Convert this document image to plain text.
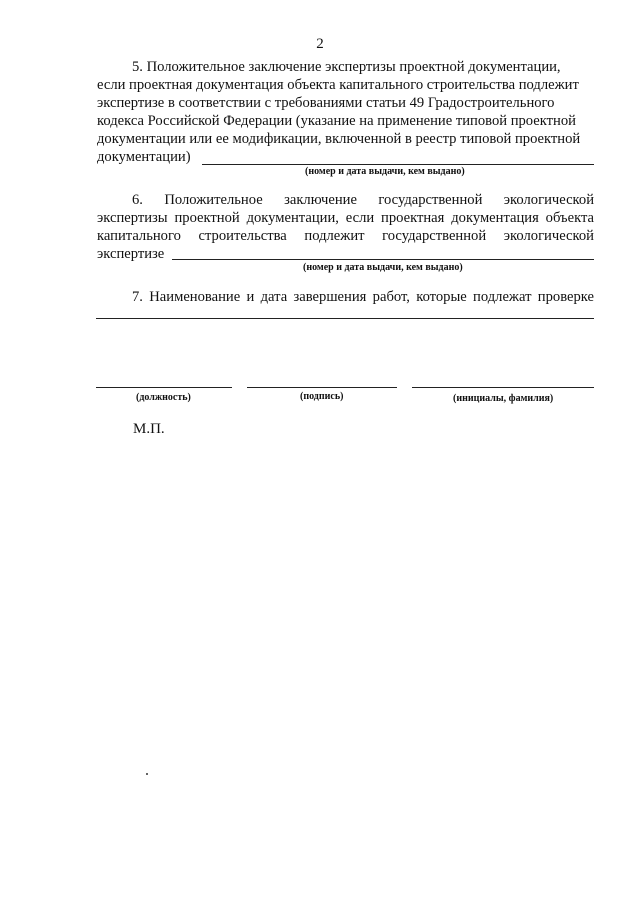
2
5. Положительное заключение экспертизы проектной документации,
если проектная документация объекта капитального строительства подлежит
экспертизе в соответствии с требованиями статьи 49 Градостроительного
кодекса Российской Федерации (указание на применение типовой проектной
документации или ее модификации, включенной в реестр типовой проектной
документации)
(номер и дата выдачи, кем выдано)
6. Положительное заключение государственной экологической
экспертизы проектной документации, если проектная документация объекта
капитального строительства подлежит государственной экологической
экспертизе
(номер и дата выдачи, кем выдано)
7. Наименование и дата завершения работ, которые подлежат проверке
(должность)	(подпись)	(инициалы, фамилия)
М.П.
